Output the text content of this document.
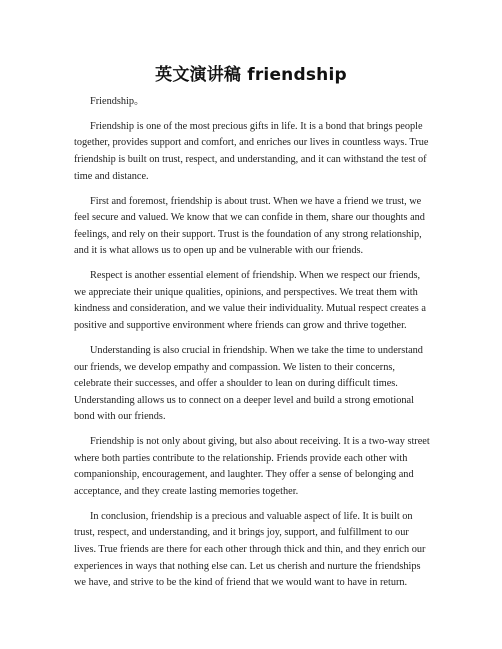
英文演讲稿 friendship

Friendship。

Friendship is one of the most precious gifts in life. It is a bond that brings people together, provides support and comfort, and enriches our lives in countless ways. True friendship is built on trust, respect, and understanding, and it can withstand the test of time and distance.

First and foremost, friendship is about trust. When we have a friend we trust, we feel secure and valued. We know that we can confide in them, share our thoughts and feelings, and rely on their support. Trust is the foundation of any strong relationship, and it is what allows us to open up and be vulnerable with our friends.

Respect is another essential element of friendship. When we respect our friends, we appreciate their unique qualities, opinions, and perspectives. We treat them with kindness and consideration, and we value their individuality. Mutual respect creates a positive and supportive environment where friends can grow and thrive together.

Understanding is also crucial in friendship. When we take the time to understand our friends, we develop empathy and compassion. We listen to their concerns, celebrate their successes, and offer a shoulder to lean on during difficult times. Understanding allows us to connect on a deeper level and build a strong emotional bond with our friends.

Friendship is not only about giving, but also about receiving. It is a two-way street where both parties contribute to the relationship. Friends provide each other with companionship, encouragement, and laughter. They offer a sense of belonging and acceptance, and they create lasting memories together.

In conclusion, friendship is a precious and valuable aspect of life. It is built on trust, respect, and understanding, and it brings joy, support, and fulfillment to our lives. True friends are there for each other through thick and thin, and they enrich our experiences in ways that nothing else can. Let us cherish and nurture the friendships we have, and strive to be the kind of friend that we would want to have in return.
